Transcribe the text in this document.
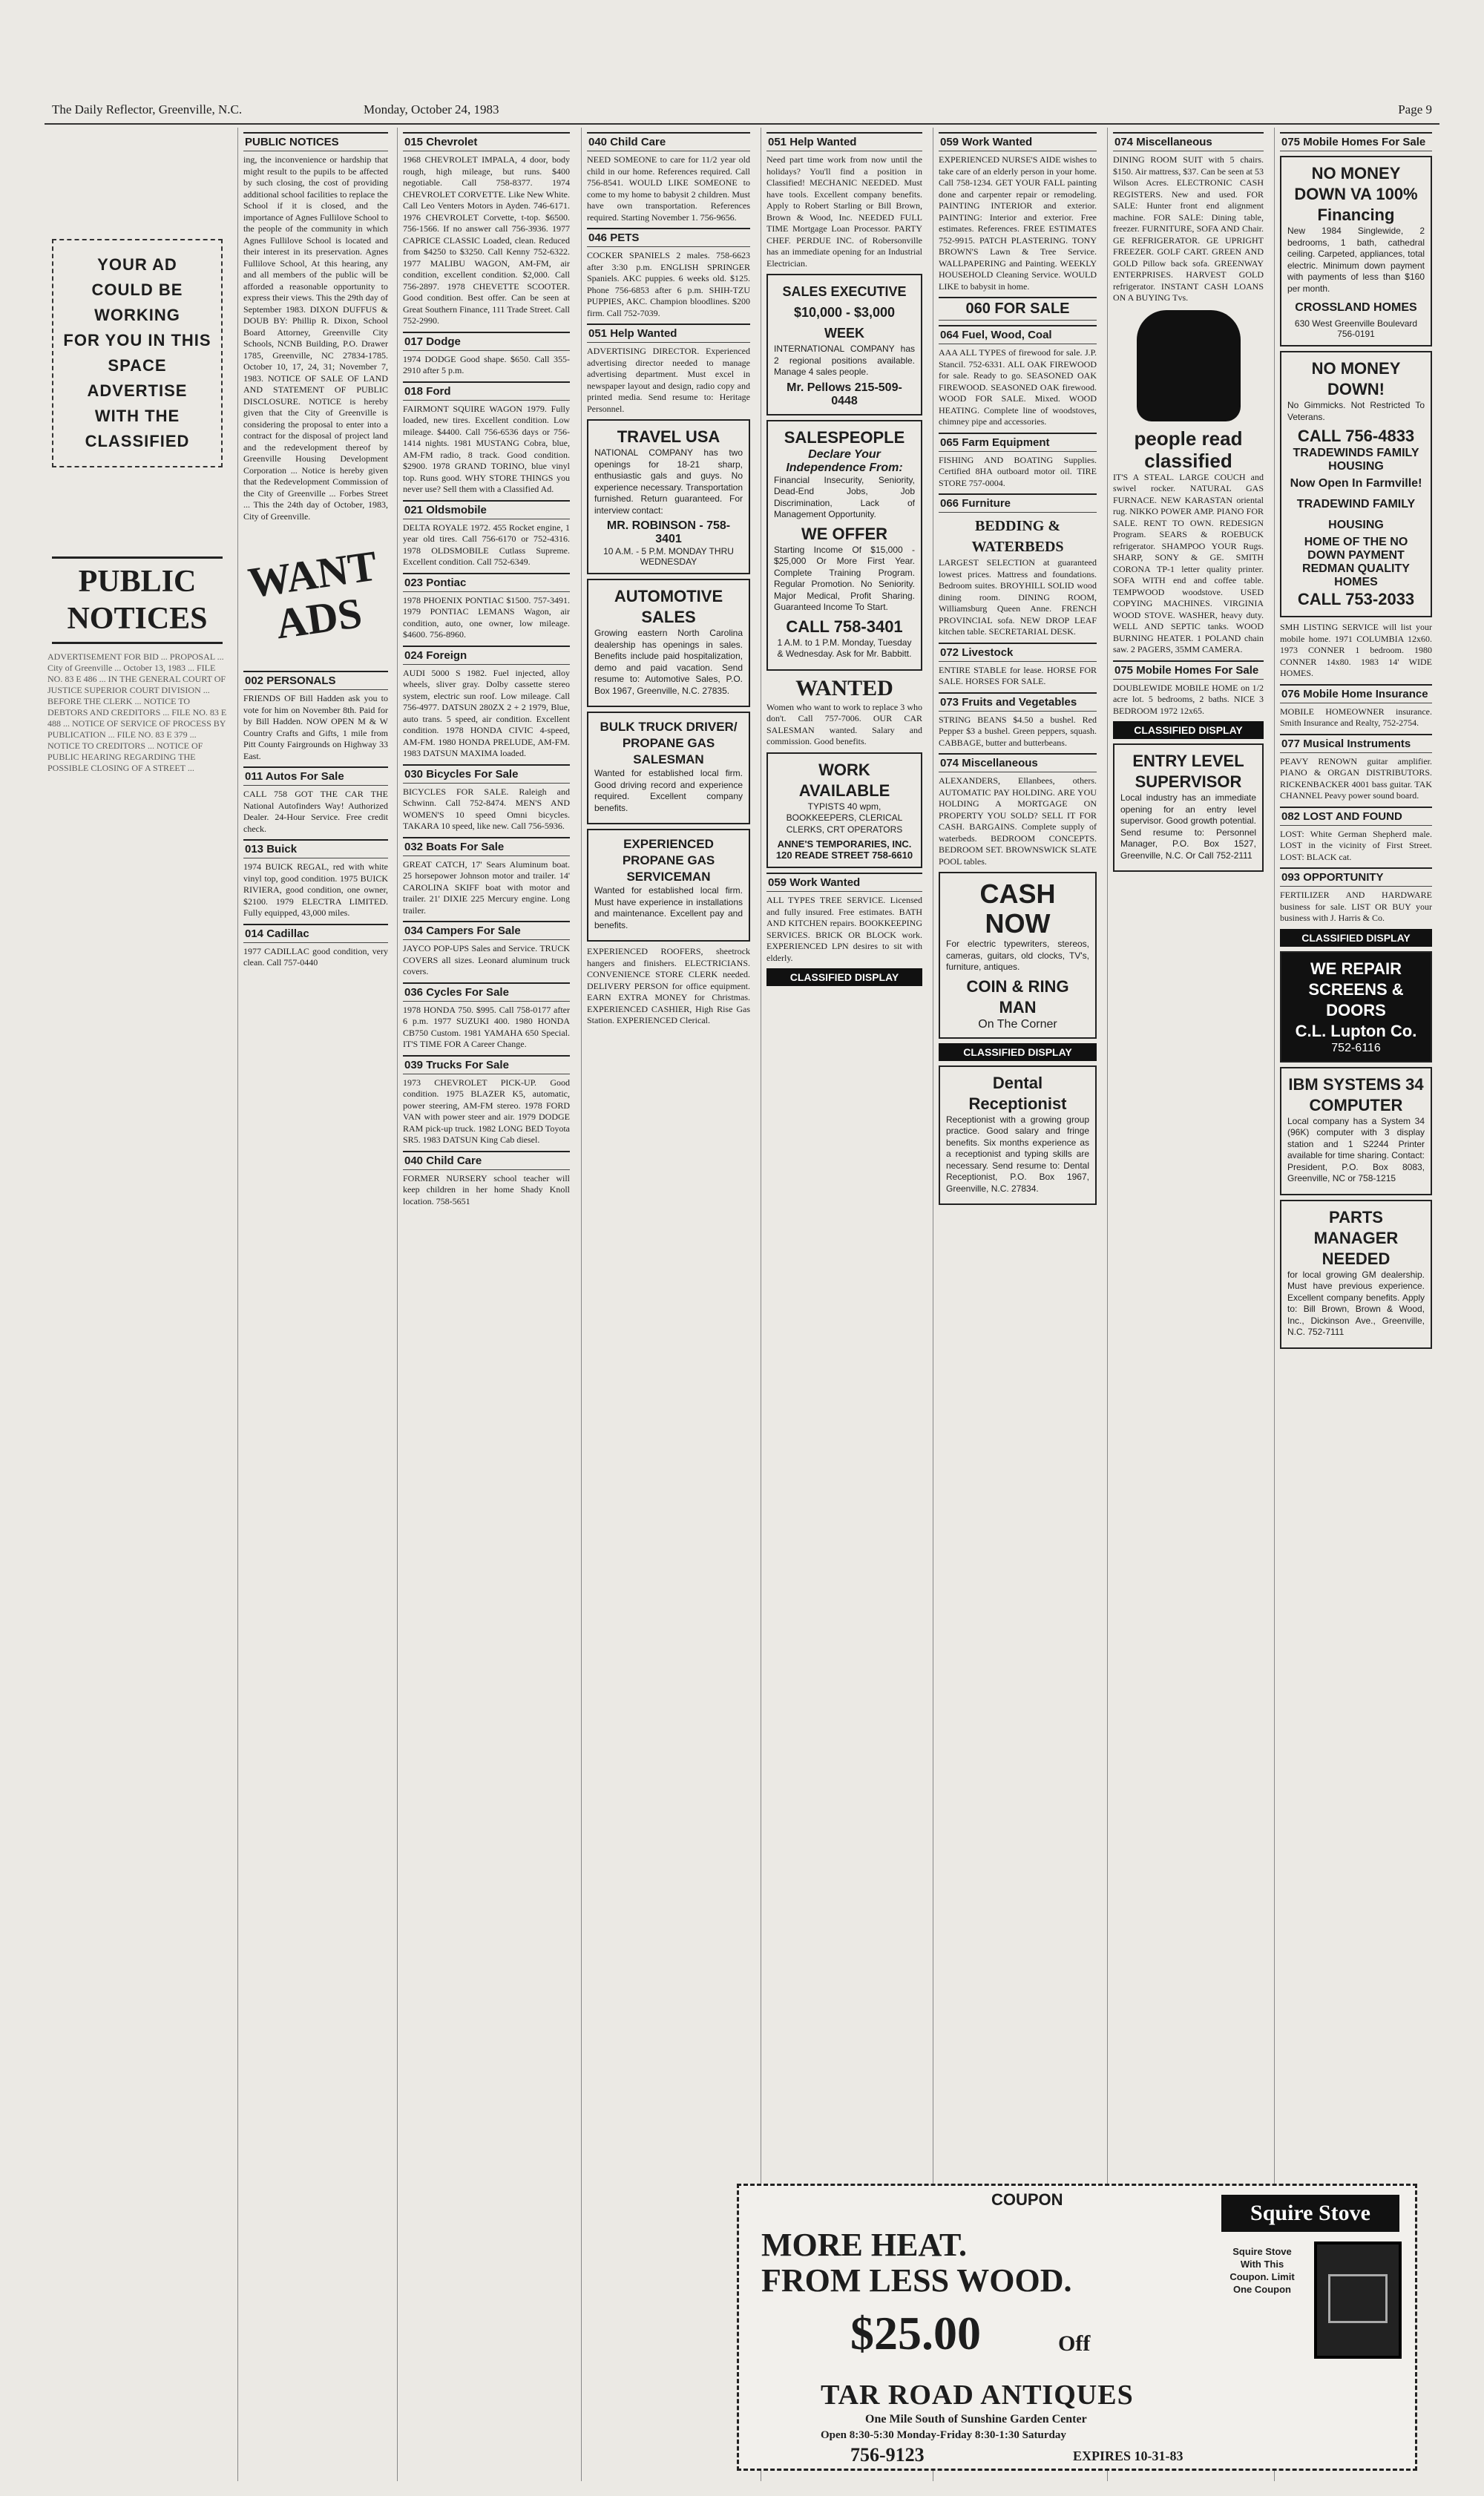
The Daily Reflector, Greenville, N.C.	Monday, October 24, 1983	Page 9
YOUR AD
COULD BE
WORKING
FOR YOU IN THIS
SPACE
ADVERTISE
WITH THE
CLASSIFIED
PUBLIC NOTICES
ADVERTISEMENT FOR BID ... PROPOSAL ... City of Greenville ... October 13, 1983 ... FILE NO. 83 E 486 ... IN THE GENERAL COURT OF JUSTICE SUPERIOR COURT DIVISION ... BEFORE THE CLERK ... NOTICE TO DEBTORS AND CREDITORS ... FILE NO. 83 E 488 ... NOTICE OF SERVICE OF PROCESS BY PUBLICATION ... FILE NO. 83 E 379 ... NOTICE TO CREDITORS ... NOTICE OF PUBLIC HEARING REGARDING THE POSSIBLE CLOSING OF A STREET ...
PUBLIC NOTICES
ing, the inconvenience or hardship that might result to the pupils to be affected by such closing, the cost of providing additional school facilities to replace the School if it is closed, and the importance of Agnes Fullilove School to the people of the community in which Agnes Fullilove School is located and their interest in its preservation. Agnes Fullilove School, At this hearing, any and all members of the public will be afforded a reasonable opportunity to express their views. This the 29th day of September 1983. DIXON DUFFUS & DOUB BY: Phillip R. Dixon, School Board Attorney, Greenville City Schools, NCNB Building, P.O. Drawer 1785, Greenville, NC 27834-1785. October 10, 17, 24, 31; November 7, 1983. NOTICE OF SALE OF LAND AND STATEMENT OF PUBLIC DISCLOSURE. NOTICE is hereby given that the City of Greenville is considering the proposal to enter into a contract for the disposal of project land and the redevelopment thereof by Greenville Housing Development Corporation ... Notice is hereby given that the Redevelopment Commission of the City of Greenville ... Forbes Street ... This the 24th day of October, 1983, City of Greenville.
WANT ADS
002 PERSONALS
FRIENDS OF Bill Hadden ask you to vote for him on November 8th. Paid for by Bill Hadden. NOW OPEN M & W Country Crafts and Gifts, 1 mile from Pitt County Fairgrounds on Highway 33 East.
011 Autos For Sale
CALL 758 GOT THE CAR THE National Autofinders Way! Authorized Dealer. 24-Hour Service. Free credit check.
013 Buick
1974 BUICK REGAL, red with white vinyl top, good condition. 1975 BUICK RIVIERA, good condition, one owner, $2100. 1979 ELECTRA LIMITED. Fully equipped, 43,000 miles.
014 Cadillac
1977 CADILLAC good condition, very clean. Call 757-0440
015 Chevrolet
1968 CHEVROLET IMPALA, 4 door, body rough, high mileage, but runs. $400 negotiable. Call 758-8377. 1974 CHEVROLET CORVETTE. Like New White. Call Leo Venters Motors in Ayden. 746-6171. 1976 CHEVROLET Corvette, t-top. $6500. 756-1566. If no answer call 756-3936. 1977 CAPRICE CLASSIC Loaded, clean. Reduced from $4250 to $3250. Call Kenny 752-6322. 1977 MALIBU WAGON, AM-FM, air condition, excellent condition. $2,000. Call 756-2897. 1978 CHEVETTE SCOOTER. Good condition. Best offer. Can be seen at Great Southern Finance, 111 Trade Street. Call 752-2990.
017 Dodge
1974 DODGE Good shape. $650. Call 355-2910 after 5 p.m.
018 Ford
FAIRMONT SQUIRE WAGON 1979. Fully loaded, new tires. Excellent condition. Low mileage. $4400. Call 756-6536 days or 756-1414 nights. 1981 MUSTANG Cobra, blue, AM-FM radio, 8 track. Good condition. $2900. 1978 GRAND TORINO, blue vinyl top. Runs good. WHY STORE THINGS you never use? Sell them with a Classified Ad.
021 Oldsmobile
DELTA ROYALE 1972. 455 Rocket engine, 1 year old tires. Call 756-6170 or 752-4316. 1978 OLDSMOBILE Cutlass Supreme. Excellent condition. Call 752-6349.
023 Pontiac
1978 PHOENIX PONTIAC $1500. 757-3491. 1979 PONTIAC LEMANS Wagon, air condition, auto, one owner, low mileage. $4600. 756-8960.
024 Foreign
AUDI 5000 S 1982. Fuel injected, alloy wheels, sliver gray. Dolby cassette stereo system, electric sun roof. Low mileage. Call 756-4977. DATSUN 280ZX 2 + 2 1979, Blue, auto trans. 5 speed, air condition. Excellent condition. 1978 HONDA CIVIC 4-speed, AM-FM. 1980 HONDA PRELUDE, AM-FM. 1983 DATSUN MAXIMA loaded.
030 Bicycles For Sale
BICYCLES FOR SALE. Raleigh and Schwinn. Call 752-8474. MEN'S AND WOMEN'S 10 speed Omni bicycles. TAKARA 10 speed, like new. Call 756-5936.
032 Boats For Sale
GREAT CATCH, 17' Sears Aluminum boat. 25 horsepower Johnson motor and trailer. 14' CAROLINA SKIFF boat with motor and trailer. 21' DIXIE 225 Mercury engine. Long trailer.
034 Campers For Sale
JAYCO POP-UPS Sales and Service. TRUCK COVERS all sizes. Leonard aluminum truck covers.
036 Cycles For Sale
1978 HONDA 750. $995. Call 758-0177 after 6 p.m. 1977 SUZUKI 400. 1980 HONDA CB750 Custom. 1981 YAMAHA 650 Special. IT'S TIME FOR A Career Change.
039 Trucks For Sale
1973 CHEVROLET PICK-UP. Good condition. 1975 BLAZER K5, automatic, power steering, AM-FM stereo. 1978 FORD VAN with power steer and air. 1979 DODGE RAM pick-up truck. 1982 LONG BED Toyota SR5. 1983 DATSUN King Cab diesel.
040 Child Care
FORMER NURSERY school teacher will keep children in her home Shady Knoll location. 758-5651
040 Child Care
NEED SOMEONE to care for 11/2 year old child in our home. References required. Call 756-8541. WOULD LIKE SOMEONE to come to my home to babysit 2 children. Must have own transportation. References required. Starting November 1. 756-9656.
046 PETS
COCKER SPANIELS 2 males. 758-6623 after 3:30 p.m. ENGLISH SPRINGER Spaniels. AKC puppies. 6 weeks old. $125. Phone 756-6853 after 6 p.m. SHIH-TZU PUPPIES, AKC. Champion bloodlines. $200 firm. Call 752-7039.
051 Help Wanted
ADVERTISING DIRECTOR. Experienced advertising director needed to manage advertising department. Must excel in newspaper layout and design, radio copy and printed media. Send resume to: Heritage Personnel.
TRAVEL USA
NATIONAL COMPANY has two openings for 18-21 sharp, enthusiastic gals and guys. No experience necessary. Transportation furnished. Return guaranteed. For interview contact:
MR. ROBINSON - 758-3401
10 A.M. - 5 P.M. MONDAY THRU WEDNESDAY
AUTOMOTIVE SALES
Growing eastern North Carolina dealership has openings in sales. Benefits include paid hospitalization, demo and paid vacation. Send resume to: Automotive Sales, P.O. Box 1967, Greenville, N.C. 27835.
BULK TRUCK DRIVER/ PROPANE GAS SALESMAN
Wanted for established local firm. Good driving record and experience required. Excellent company benefits.
EXPERIENCED PROPANE GAS SERVICEMAN
Wanted for established local firm. Must have experience in installations and maintenance. Excellent pay and benefits.
EXPERIENCED ROOFERS, sheetrock hangers and finishers. ELECTRICIANS. CONVENIENCE STORE CLERK needed. DELIVERY PERSON for office equipment. EARN EXTRA MONEY for Christmas. EXPERIENCED CASHIER, High Rise Gas Station. EXPERIENCED Clerical.
051 Help Wanted
Need part time work from now until the holidays? You'll find a position in Classified! MECHANIC NEEDED. Must have tools. Excellent company benefits. Apply to Robert Starling or Bill Brown, Brown & Wood, Inc. NEEDED FULL TIME Mortgage Loan Processor. PARTY CHEF. PERDUE INC. of Robersonville has an immediate opening for an Industrial Electrician.
SALES EXECUTIVE
$10,000 - $3,000 WEEK
INTERNATIONAL COMPANY has 2 regional positions available. Manage 4 sales people.
Mr. Pellows 215-509-0448
SALESPEOPLE
Declare Your Independence From:
Financial Insecurity, Seniority, Dead-End Jobs, Job Discrimination, Lack of Management Opportunity.
WE OFFER
Starting Income Of $15,000 - $25,000 Or More First Year. Complete Training Program. Regular Promotion. No Seniority. Major Medical, Profit Sharing. Guaranteed Income To Start.
CALL 758-3401
1 A.M. to 1 P.M. Monday, Tuesday & Wednesday. Ask for Mr. Babbitt.
WANTED
Women who want to work to replace 3 who don't. Call 757-7006. OUR CAR SALESMAN wanted. Salary and commission. Good benefits.
WORK AVAILABLE
TYPISTS 40 wpm, BOOKKEEPERS, CLERICAL CLERKS, CRT OPERATORS
ANNE'S TEMPORARIES, INC. 120 READE STREET 758-6610
059 Work Wanted
ALL TYPES TREE SERVICE. Licensed and fully insured. Free estimates. BATH AND KITCHEN repairs. BOOKKEEPING SERVICES. BRICK OR BLOCK work. EXPERIENCED LPN desires to sit with elderly.
CLASSIFIED DISPLAY
059 Work Wanted
EXPERIENCED NURSE'S AIDE wishes to take care of an elderly person in your home. Call 758-1234. GET YOUR FALL painting done and carpenter repair or remodeling. PAINTING INTERIOR and exterior. PAINTING: Interior and exterior. Free estimates. References. FREE ESTIMATES 752-9915. PATCH PLASTERING. TONY BROWN'S Lawn & Tree Service. WALLPAPERING and Painting. WEEKLY HOUSEHOLD Cleaning Service. WOULD LIKE to babysit in home.
060 FOR SALE
064 Fuel, Wood, Coal
AAA ALL TYPES of firewood for sale. J.P. Stancil. 752-6331. ALL OAK FIREWOOD for sale. Ready to go. SEASONED OAK FIREWOOD. SEASONED OAK firewood. WOOD FOR SALE. Mixed. WOOD HEATING. Complete line of woodstoves, chimney pipe and accessories.
065 Farm Equipment
FISHING AND BOATING Supplies. Certified 8HA outboard motor oil. TIRE STORE 757-0004.
066 Furniture
BEDDING & WATERBEDS
LARGEST SELECTION at guaranteed lowest prices. Mattress and foundations. Bedroom suites. BROYHILL SOLID wood dining room. DINING ROOM, Williamsburg Queen Anne. FRENCH PROVINCIAL sofa. NEW DROP LEAF kitchen table. SECRETARIAL DESK.
072 Livestock
ENTIRE STABLE for lease. HORSE FOR SALE. HORSES FOR SALE.
073 Fruits and Vegetables
STRING BEANS $4.50 a bushel. Red Pepper $3 a bushel. Green peppers, squash. CABBAGE, butter and butterbeans.
074 Miscellaneous
ALEXANDERS, Ellanbees, others. AUTOMATIC PAY HOLDING. ARE YOU HOLDING A MORTGAGE ON PROPERTY YOU SOLD? SELL IT FOR CASH. BARGAINS. Complete supply of waterbeds. BEDROOM CONCEPTS. BEDROOM SET. BROWNSWICK SLATE POOL tables.
CASH NOW
For electric typewriters, stereos, cameras, guitars, old clocks, TV's, furniture, antiques.
COIN & RING MAN
On The Corner
CLASSIFIED DISPLAY
Dental Receptionist
Receptionist with a growing group practice. Good salary and fringe benefits. Six months experience as a receptionist and typing skills are necessary. Send resume to: Dental Receptionist, P.O. Box 1967, Greenville, N.C. 27834.
074 Miscellaneous
DINING ROOM SUIT with 5 chairs. $150. Air mattress, $37. Can be seen at 53 Wilson Acres. ELECTRONIC CASH REGISTERS. New and used. FOR SALE: Hunter front end alignment machine. FOR SALE: Dining table, freezer. FURNITURE, SOFA AND Chair. GE REFRIGERATOR. GE UPRIGHT FREEZER. GOLF CART. GREEN AND GOLD Pillow back sofa. GREENWAY ENTERPRISES. HARVEST GOLD refrigerator. INSTANT CASH LOANS ON A BUYING Tvs.
people read classified
IT'S A STEAL. LARGE COUCH and swivel rocker. NATURAL GAS FURNACE. NEW KARASTAN oriental rug. NIKKO POWER AMP. PIANO FOR SALE. RENT TO OWN. REDESIGN Program. SEARS & ROEBUCK refrigerator. SHAMPOO YOUR Rugs. SHARP, SONY & GE. SMITH CORONA TP-1 letter quality printer. SOFA WITH end and coffee table. TEMPWOOD woodstove. USED COPYING MACHINES. VIRGINIA WOOD STOVE. WASHER, heavy duty. WELL AND SEPTIC tanks. WOOD BURNING HEATER. 1 POLAND chain saw. 2 PAGERS, 35MM CAMERA.
075 Mobile Homes For Sale
DOUBLEWIDE MOBILE HOME on 1/2 acre lot. 5 bedrooms, 2 baths. NICE 3 BEDROOM 1972 12x65.
CLASSIFIED DISPLAY
ENTRY LEVEL SUPERVISOR
Local industry has an immediate opening for an entry level supervisor. Good growth potential. Send resume to: Personnel Manager, P.O. Box 1527, Greenville, N.C. Or Call 752-2111
075 Mobile Homes For Sale
NO MONEY DOWN VA 100% Financing
New 1984 Singlewide, 2 bedrooms, 1 bath, cathedral ceiling. Carpeted, appliances, total electric. Minimum down payment with payments of less than $160 per month.
CROSSLAND HOMES
630 West Greenville Boulevard 756-0191
NO MONEY DOWN!
No Gimmicks. Not Restricted To Veterans.
CALL 756-4833
TRADEWINDS FAMILY HOUSING
Now Open In Farmville! TRADEWIND FAMILY HOUSING
HOME OF THE NO DOWN PAYMENT
REDMAN QUALITY HOMES
CALL 753-2033
SMH LISTING SERVICE will list your mobile home. 1971 COLUMBIA 12x60. 1973 CONNER 1 bedroom. 1980 CONNER 14x80. 1983 14' WIDE HOMES.
076 Mobile Home Insurance
MOBILE HOMEOWNER insurance. Smith Insurance and Realty, 752-2754.
077 Musical Instruments
PEAVY RENOWN guitar amplifier. PIANO & ORGAN DISTRIBUTORS. RICKENBACKER 4001 bass guitar. TAK CHANNEL Peavy power sound board.
082 LOST AND FOUND
LOST: White German Shepherd male. LOST in the vicinity of First Street. LOST: BLACK cat.
093 OPPORTUNITY
FERTILIZER AND HARDWARE business for sale. LIST OR BUY your business with J. Harris & Co.
CLASSIFIED DISPLAY
WE REPAIR SCREENS & DOORS
C.L. Lupton Co.
752-6116
IBM SYSTEMS 34 COMPUTER
Local company has a System 34 (96K) computer with 3 display station and 1 S2244 Printer available for time sharing. Contact: President, P.O. Box 8083, Greenville, NC or 758-1215
PARTS MANAGER NEEDED
for local growing GM dealership. Must have previous experience. Excellent company benefits. Apply to: Bill Brown, Brown & Wood, Inc., Dickinson Ave., Greenville, N.C. 752-7111
COUPON
MORE HEAT.
FROM LESS WOOD.
$25.00	Off
Squire Stove
Squire Stove With This Coupon. Limit One Coupon
TAR ROAD ANTIQUES
One Mile South of Sunshine Garden Center
Open 8:30-5:30 Monday-Friday 8:30-1:30 Saturday
756-9123	EXPIRES 10-31-83
